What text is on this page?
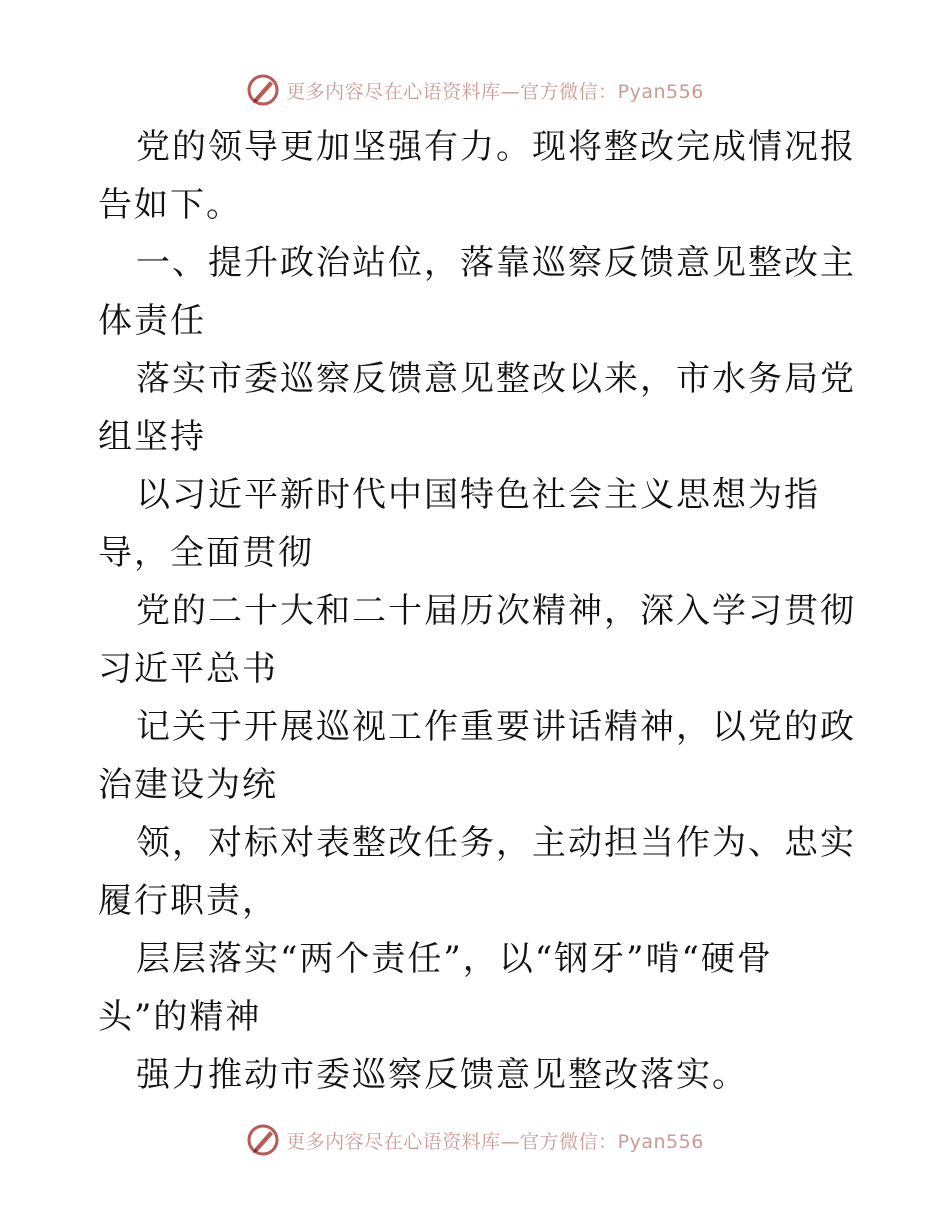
更多内容尽在心语资料库—官方微信：Pyan556

党的领导更加坚强有力。现将整改完成情况报告如下。

一、提升政治站位，落靠巡察反馈意见整改主体责任

落实市委巡察反馈意见整改以来，市水务局党组坚持

以习近平新时代中国特色社会主义思想为指导，全面贯彻

党的二十大和二十届历次精神，深入学习贯彻习近平总书

记关于开展巡视工作重要讲话精神，以党的政治建设为统

领，对标对表整改任务，主动担当作为、忠实履行职责，

层层落实“两个责任”，以“钢牙”啃“硬骨头”的精神

强力推动市委巡察反馈意见整改落实。

更多内容尽在心语资料库—官方微信：Pyan556
